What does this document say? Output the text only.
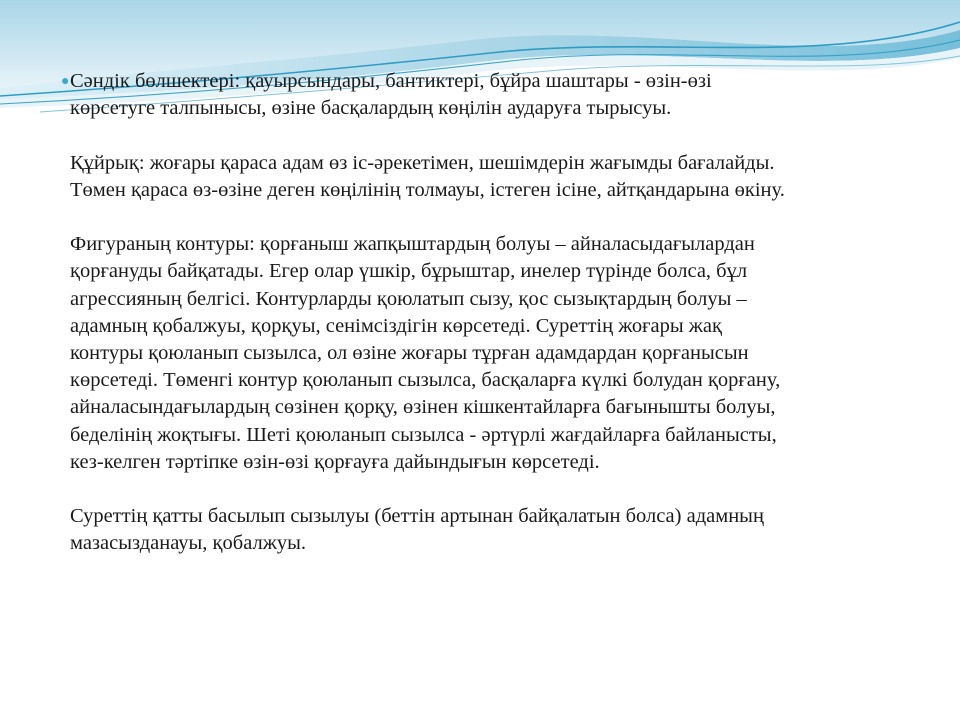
● Сәндік бөлшектері: қауырсындары, бантиктері, бұйра шаштары - өзін-өзі
көрсетуге талпынысы, өзіне басқалардың көңілін аударуға тырысуы.

Құйрық: жоғары қараса адам өз іс-әрекетімен, шешімдерін жағымды бағалайды.
Төмен қараса өз-өзіне деген көңілінің толмауы, істеген ісіне, айтқандарына өкіну.

Фигураның контуры: қорғаныш жапқыштардың болуы – айналасыдағылардан
қорғануды байқатады. Егер олар үшкір, бұрыштар, инелер түрінде болса, бұл
агрессияның белгісі. Контурларды қоюлатып сызу, қос сызықтардың болуы –
адамның қобалжуы, қорқуы, сенімсіздігін көрсетеді. Суреттің жоғары жақ
контуры қоюланып сызылса, ол өзіне жоғары тұрған адамдардан қорғанысын
көрсетеді. Төменгі контур қоюланып сызылса, басқаларға күлкі болудан қорғану,
айналасындағылардың сөзінен қорқу, өзінен кішкентайларға бағынышты болуы,
беделінің жоқтығы. Шеті қоюланып сызылса - әртүрлі жағдайларға байланысты,
кез-келген тәртіпке өзін-өзі қорғауға дайындығын көрсетеді.

Суреттің қатты басылып сызылуы (беттін артынан байқалатын болса) адамның
мазасызданауы, қобалжуы.
